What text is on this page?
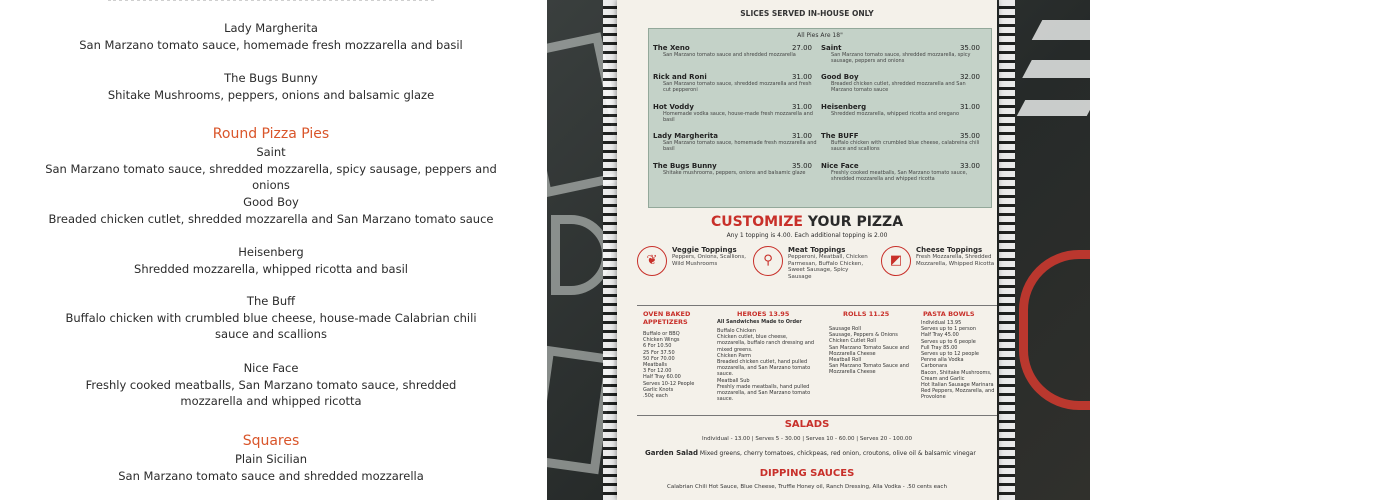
Lady Margherita
San Marzano tomato sauce, homemade fresh mozzarella and basil
The Bugs Bunny
Shitake Mushrooms, peppers, onions and balsamic glaze
Round Pizza Pies
Saint
San Marzano tomato sauce, shredded mozzarella, spicy sausage, peppers and onions
Good Boy
Breaded chicken cutlet, shredded mozzarella and San Marzano tomato sauce
Heisenberg
Shredded mozzarella, whipped ricotta and basil
The Buff
Buffalo chicken with crumbled blue cheese, house-made Calabrian chili sauce and scallions
Nice Face
Freshly cooked meatballs, San Marzano tomato sauce, shredded mozzarella and whipped ricotta
Squares
Plain Sicilian
San Marzano tomato sauce and shredded mozzarella
SLICES SERVED IN-HOUSE ONLY
All Pies Are 18"
The Xeno	27.00
San Marzano tomato sauce and shredded mozzarella
Rick and Roni	31.00
San Marzano tomato sauce, shredded mozzarella and fresh cut pepperoni
Hot Voddy	31.00
Homemade vodka sauce, house-made fresh mozzarella and basil
Lady Margherita	31.00
San Marzano tomato sauce, homemade fresh mozzarella and basil
The Bugs Bunny	35.00
Shitake mushrooms, peppers, onions and balsamic glaze
Saint	35.00
San Marzano tomato sauce, shredded mozzarella, spicy sausage, peppers and onions
Good Boy	32.00
Breaded chicken cutlet, shredded mozzarella and San Marzano tomato sauce
Heisenberg	31.00
Shredded mozzarella, whipped ricotta and oregano
The BUFF	35.00
Buffalo chicken with crumbled blue cheese, calabreina chili sauce and scallions
Nice Face	33.00
Freshly cooked meatballs, San Marzano tomato sauce, shredded mozzarella and whipped ricotta
CUSTOMIZE YOUR PIZZA
Any 1 topping is 4.00. Each additional topping is 2.00
❦
Veggie Toppings
Peppers, Onions, Scallions, Wild Mushrooms	⚲
Meat Toppings
Pepperoni, Meatball, Chicken Parmesan, Buffalo Chicken, Sweet Sausage, Spicy Sausage
◩
Cheese Toppings
Fresh Mozzarella, Shredded Mozzarella, Whipped Ricotta
OVEN BAKED APPETIZERS
Buffalo or BBQ
Chicken Wings
6 For 10.50
25 For 37.50
50 For 70.00
Meatballs
3 For 12.00
Half Tray 60.00
Serves 10-12 People
Garlic Knots
.50¢ each
HEROES 13.95
All Sandwiches Made to Order
Buffalo Chicken
Chicken cutlet, blue cheese, mozzarella, buffalo ranch dressing and mixed greens.
Chicken Parm
Breaded chicken cutlet, hand pulled mozzarella, and San Marzano tomato sauce.
Meatball Sub
Freshly made meatballs, hand pulled mozzarella, and San Marzano tomato sauce.
ROLLS 11.25
Sausage Roll
Sausage, Peppers & Onions
Chicken Cutlet Roll
San Marzano Tomato Sauce and Mozzarella Cheese
Meatball Roll
San Marzano Tomato Sauce and Mozzarella Cheese
PASTA BOWLS
Individual 13.95
Serves up to 1 person
Half Tray 45.00
Serves up to 6 people
Full Tray 85.00
Serves up to 12 people
Penne alla Vodka
Carbonara
Bacon, Shiitake Mushrooms, Cream and Garlic
Hot Italian Sausage Marinara
Red Peppers, Mozzarella, and Provolone
SALADS
Individual - 13.00 | Serves 5 - 30.00 | Serves 10 - 60.00 | Serves 20 - 100.00
Garden Salad Mixed greens, cherry tomatoes, chickpeas, red onion, croutons, olive oil & balsamic vinegar
DIPPING SAUCES
Calabrian Chili Hot Sauce, Blue Cheese, Truffle Honey oil, Ranch Dressing, Alla Vodka - .50 cents each
